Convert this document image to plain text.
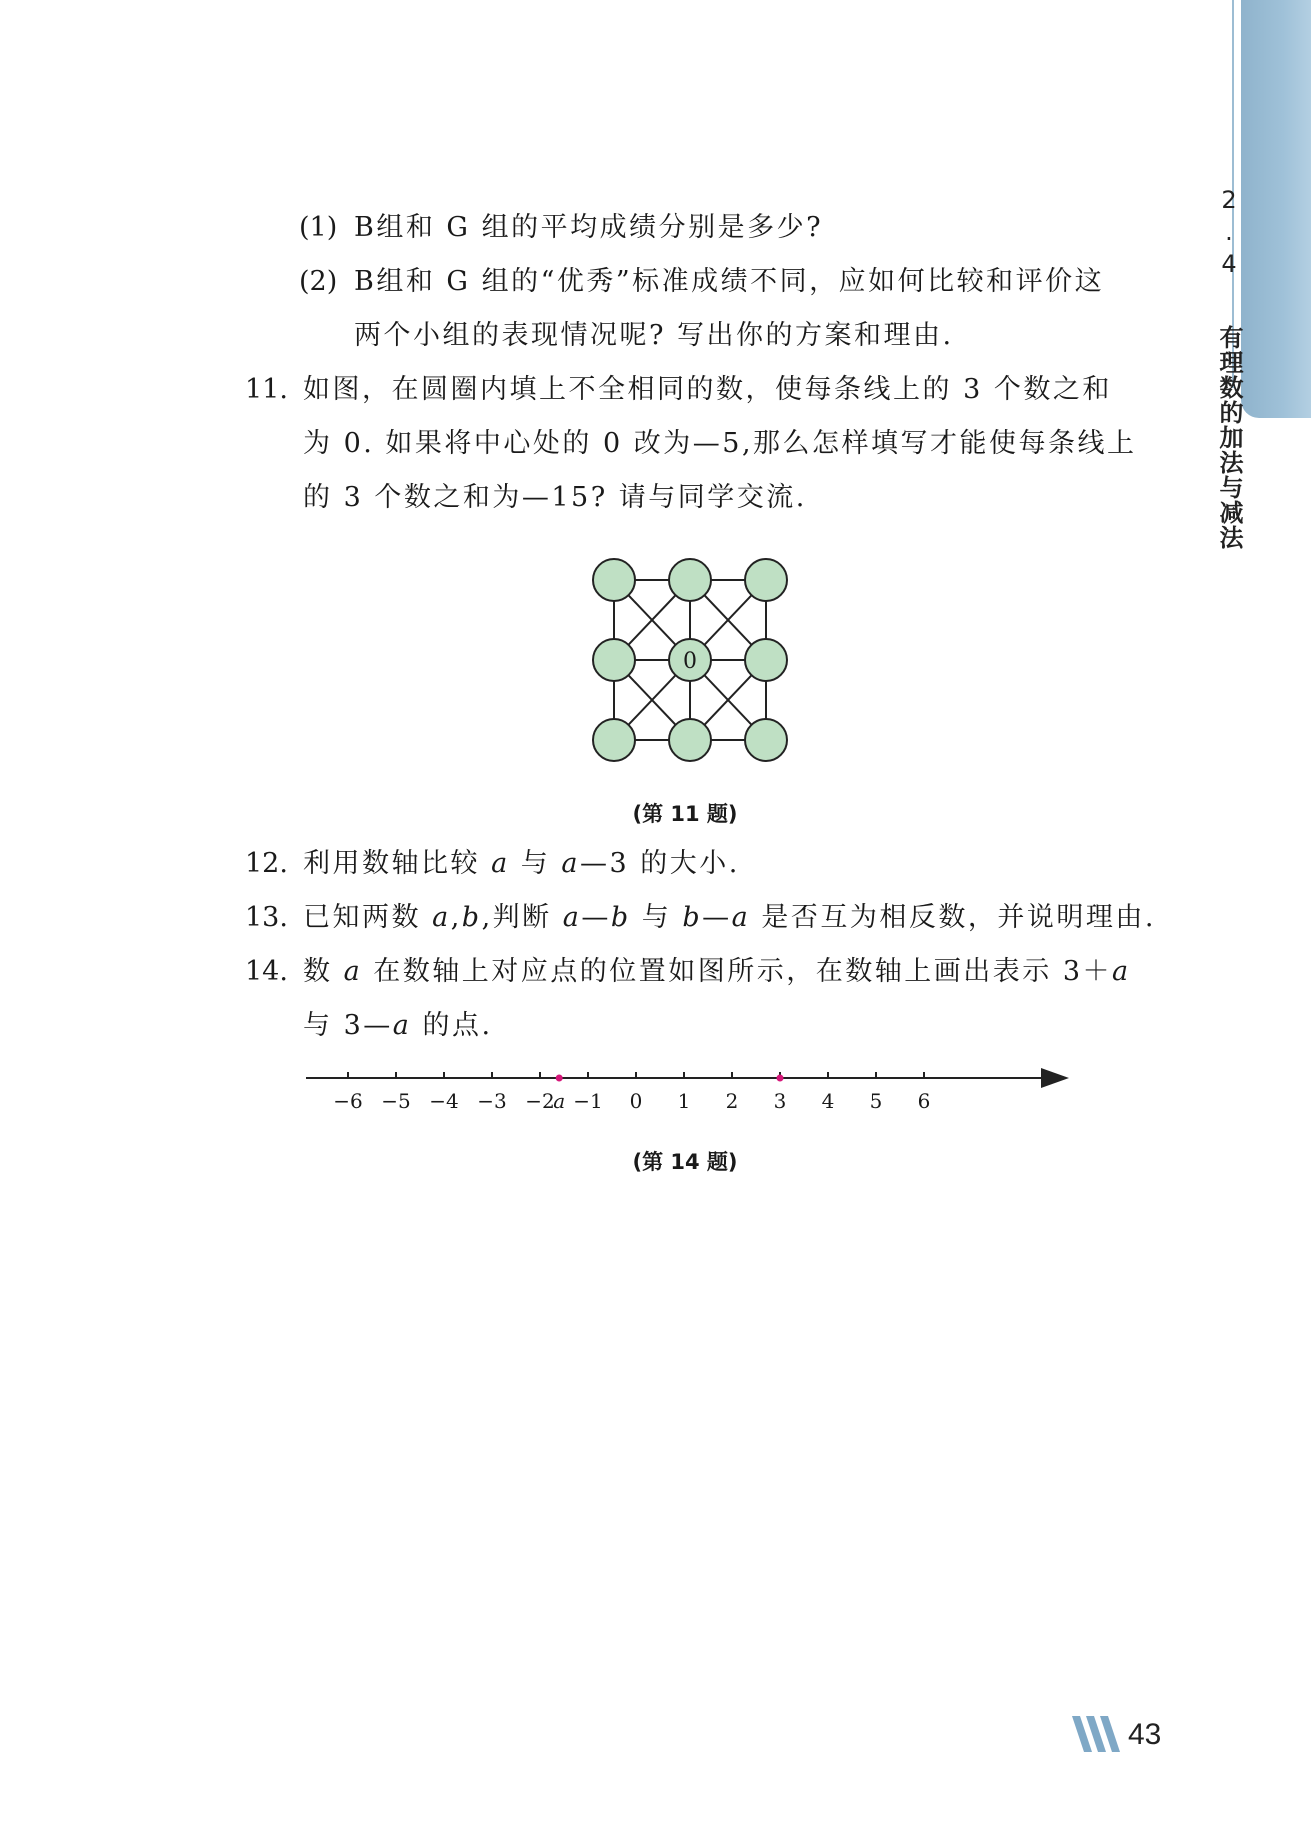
2.4 有理数的加法与减法
(1) B组和 G 组的平均成绩分别是多少?
(2) B组和 G 组的“优秀”标准成绩不同，应如何比较和评价这
两个小组的表现情况呢? 写出你的方案和理由.
11. 如图，在圆圈内填上不全相同的数，使每条线上的 3 个数之和
为 0. 如果将中心处的 0 改为—5,那么怎样填写才能使每条线上
的 3 个数之和为—15? 请与同学交流.
0
(第 11 题)
12. 利用数轴比较 a 与 a—3 的大小.
13. 已知两数 a,b,判断 a—b 与 b—a 是否互为相反数，并说明理由.
14. 数 a 在数轴上对应点的位置如图所示，在数轴上画出表示 3＋a
与 3—a 的点.
−6 −5 −4 −3 −2 −1 0 1 2 3 4 5 6
a
(第 14 题)
43
